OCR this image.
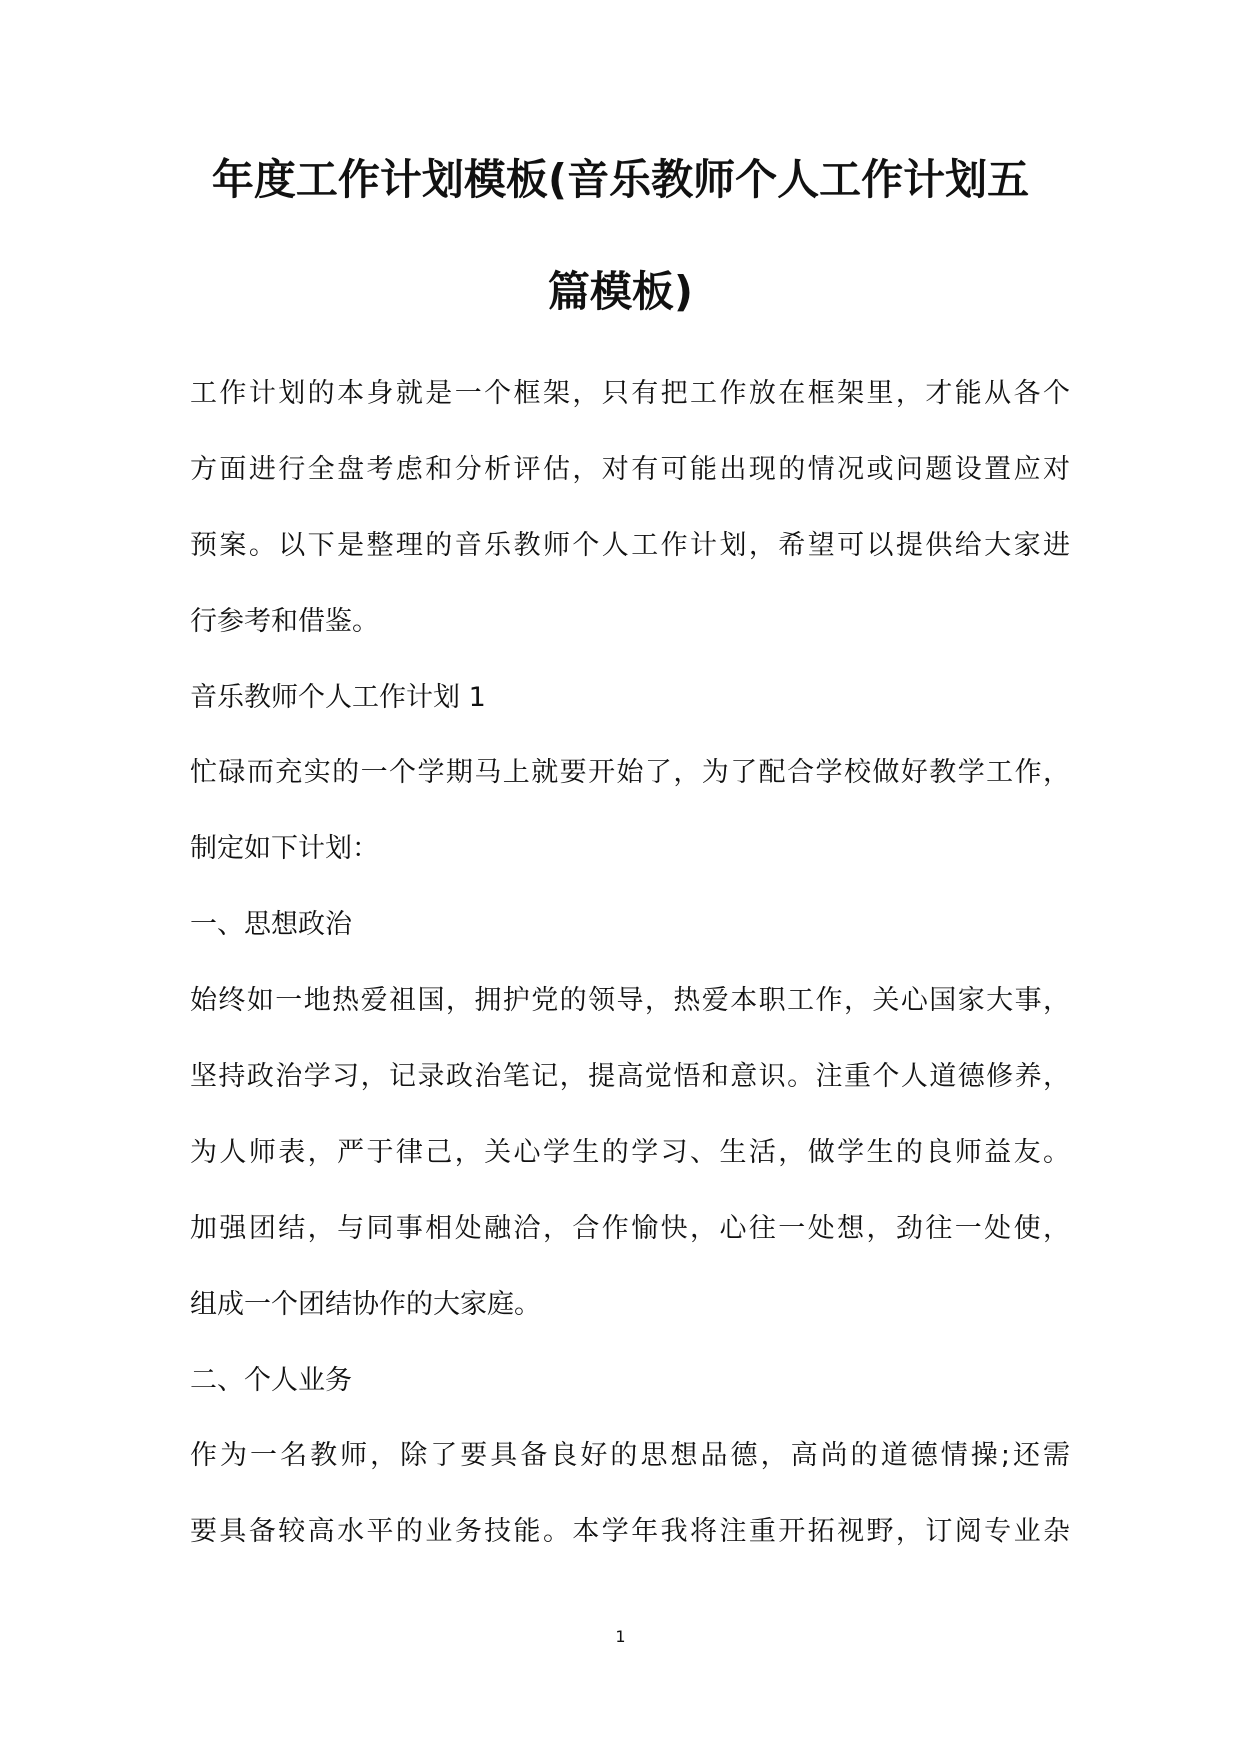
年度工作计划模板(音乐教师个人工作计划五
篇模板)
工作计划的本身就是一个框架，只有把工作放在框架里，才能从各个
方面进行全盘考虑和分析评估，对有可能出现的情况或问题设置应对
预案。以下是整理的音乐教师个人工作计划，希望可以提供给大家进
行参考和借鉴。
音乐教师个人工作计划 1
忙碌而充实的一个学期马上就要开始了，为了配合学校做好教学工作，
制定如下计划：
一、思想政治
始终如一地热爱祖国，拥护党的领导，热爱本职工作，关心国家大事，
坚持政治学习，记录政治笔记，提高觉悟和意识。注重个人道德修养，
为人师表，严于律己，关心学生的学习、生活，做学生的良师益友。
加强团结，与同事相处融洽，合作愉快，心往一处想，劲往一处使，
组成一个团结协作的大家庭。
二、个人业务
作为一名教师，除了要具备良好的思想品德，高尚的道德情操;还需
要具备较高水平的业务技能。本学年我将注重开拓视野，订阅专业杂
1
